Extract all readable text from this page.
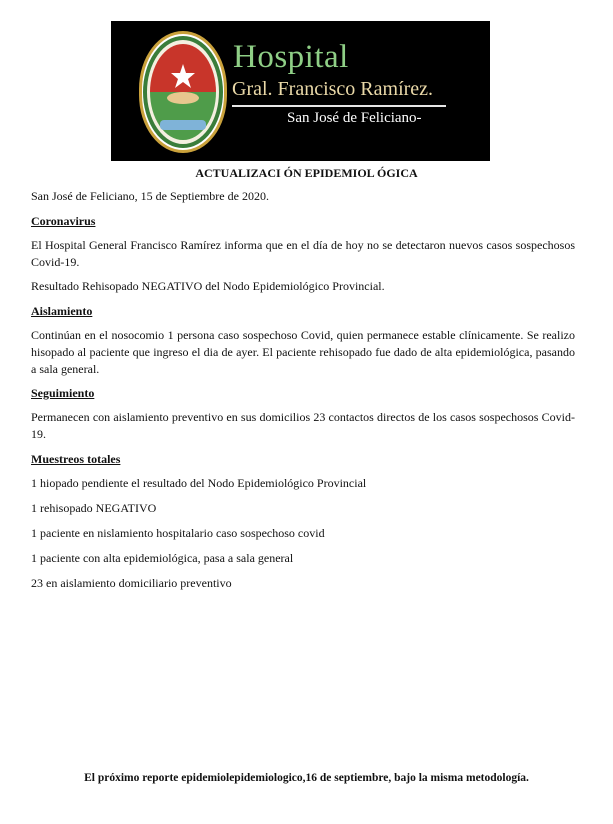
Hospital
Gral. Francisco Ramírez.
San José de Feliciano-
ACTUALIZACI ÓN EPIDEMIOL ÓGICA
San José de Feliciano, 15 de Septiembre de 2020.
Coronavirus
El Hospital General Francisco Ramírez informa que en el día de hoy no se detectaron nuevos casos sospechosos Covid-19.
Resultado Rehisopado NEGATIVO del Nodo Epidemiológico Provincial.
Aislamiento
Continúan en el nosocomio 1 persona caso sospechoso Covid, quien permanece estable clínicamente. Se realizo hisopado al paciente que ingreso el dia de ayer. El paciente rehisopado fue dado de alta epidemiológica, pasando a sala general.
Seguimiento
Permanecen con aislamiento preventivo en sus domicilios 23 contactos directos de los casos sospechosos Covid-19.
Muestreos totales
1 hiopado pendiente el resultado del Nodo Epidemiológico Provincial
1 rehisopado NEGATIVO
1 paciente en nislamiento hospitalario caso sospechoso covid
1 paciente con alta epidemiológica, pasa a sala general
23 en aislamiento domiciliario preventivo
El próximo reporte epidemiolepidemiologico,16 de septiembre, bajo la misma metodología.
